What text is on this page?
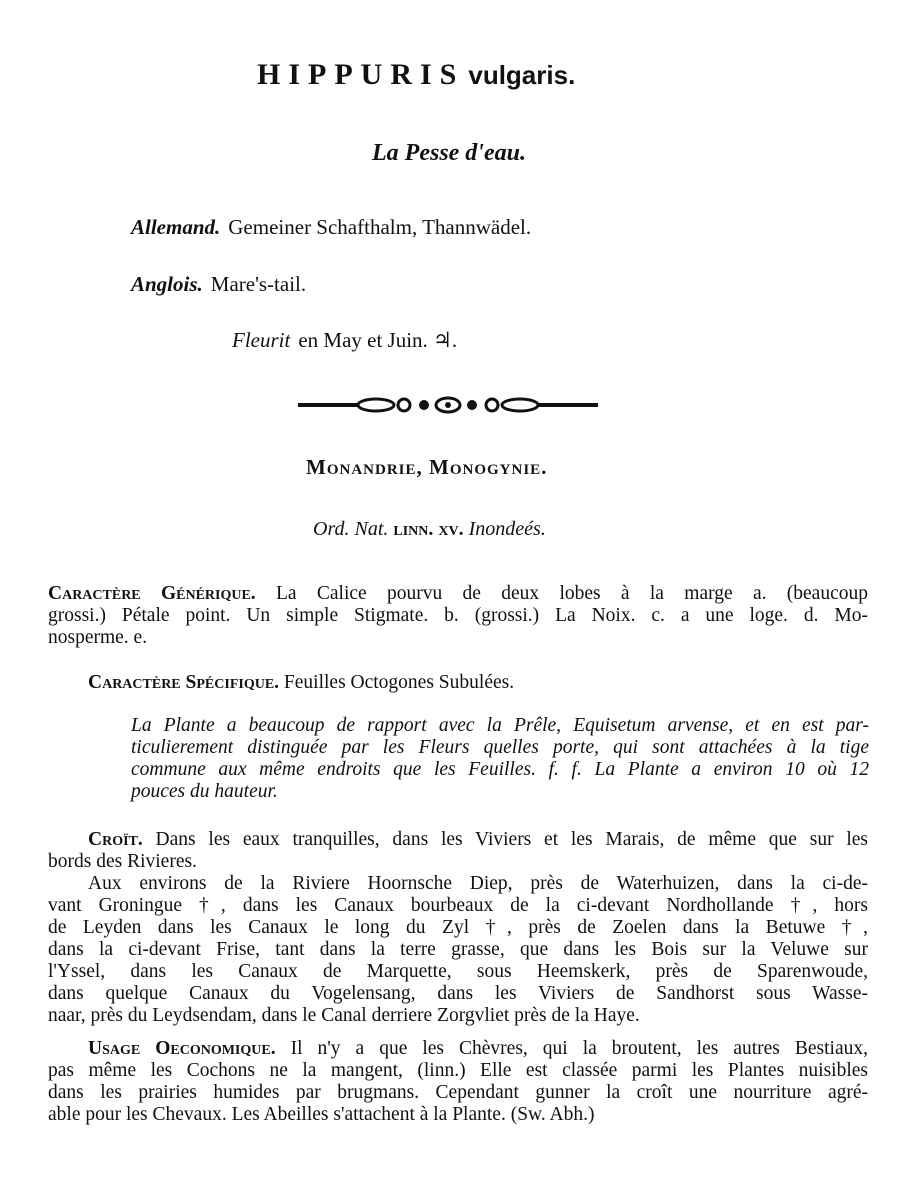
HIPPURIS vulgaris.
La Pesse d'eau.
Allemand. Gemeiner Schafthalm, Thannwädel.
Anglois. Mare's-tail.
Fleurit en May et Juin. ♃.
Monandrie, Monogynie.
Ord. Nat. linn. xv. Inondeés.
Caractère Générique. La Calice pourvu de deux lobes à la marge a. (beaucoup
grossi.) Pétale point. Un simple Stigmate. b. (grossi.) La Noix. c. a une loge. d. Mo-
nosperme. e.
Caractère Spécifique. Feuilles Octogones Subulées.
La Plante a beaucoup de rapport avec la Prêle, Equisetum arvense, et en est par-
ticulierement distinguée par les Fleurs quelles porte, qui sont attachées à la tige
commune aux même endroits que les Feuilles. f. f. La Plante a environ 10 où 12
pouces du hauteur.
Croït. Dans les eaux tranquilles, dans les Viviers et les Marais, de même que sur les
bords des Rivieres.
Aux environs de la Riviere Hoornsche Diep, près de Waterhuizen, dans la ci-de-
vant Groningue †, dans les Canaux bourbeaux de la ci-devant Nordhollande †, hors
de Leyden dans les Canaux le long du Zyl †, près de Zoelen dans la Betuwe †,
dans la ci-devant Frise, tant dans la terre grasse, que dans les Bois sur la Veluwe sur
l'Yssel, dans les Canaux de Marquette, sous Heemskerk, près de Sparenwoude,
dans quelque Canaux du Vogelensang, dans les Viviers de Sandhorst sous Wasse-
naar, près du Leydsendam, dans le Canal derriere Zorgvliet près de la Haye.
Usage Oeconomique. Il n'y a que les Chèvres, qui la broutent, les autres Bestiaux,
pas même les Cochons ne la mangent, (linn.) Elle est classée parmi les Plantes nuisibles
dans les prairies humides par brugmans. Cependant gunner la croît une nourriture agré-
able pour les Chevaux. Les Abeilles s'attachent à la Plante. (Sw. Abh.)
